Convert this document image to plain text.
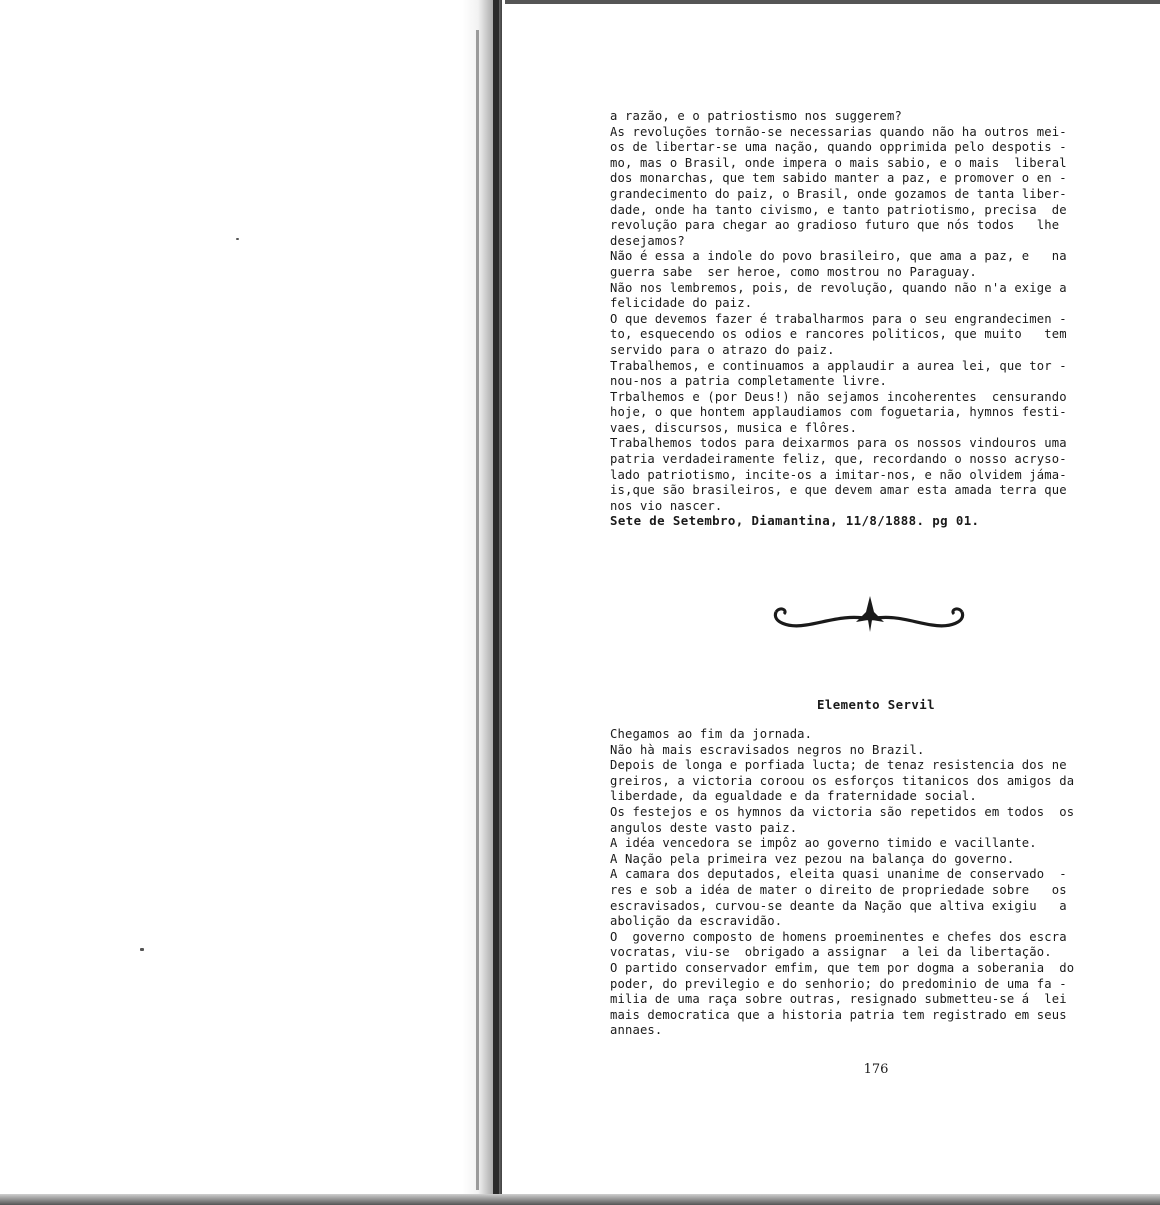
a razão, e o patriostismo nos suggerem?
As revoluções tornão-se necessarias quando não ha outros mei-
os de libertar-se uma nação, quando opprimida pelo despotis -
mo, mas o Brasil, onde impera o mais sabio, e o mais  liberal
dos monarchas, que tem sabido manter a paz, e promover o en -
grandecimento do paiz, o Brasil, onde gozamos de tanta liber-
dade, onde ha tanto civismo, e tanto patriotismo, precisa  de
revolução para chegar ao gradioso futuro que nós todos   lhe
desejamos?
Não é essa a indole do povo brasileiro, que ama a paz, e   na
guerra sabe  ser heroe, como mostrou no Paraguay.
Não nos lembremos, pois, de revolução, quando não n'a exige a
felicidade do paiz.
O que devemos fazer é trabalharmos para o seu engrandecimen -
to, esquecendo os odios e rancores politicos, que muito   tem
servido para o atrazo do paiz.
Trabalhemos, e continuamos a applaudir a aurea lei, que tor -
nou-nos a patria completamente livre.
Trbalhemos e (por Deus!) não sejamos incoherentes  censurando
hoje, o que hontem applaudiamos com foguetaria, hymnos festi-
vaes, discursos, musica e flôres.
Trabalhemos todos para deixarmos para os nossos vindouros uma
patria verdadeiramente feliz, que, recordando o nosso acryso-
lado patriotismo, incite-os a imitar-nos, e não olvidem jáma-
is,que são brasileiros, e que devem amar esta amada terra que
nos vio nascer.
Sete de Setembro, Diamantina, 11/8/1888. pg 01.
Elemento Servil
Chegamos ao fim da jornada.
Não hà mais escravisados negros no Brazil.
Depois de longa e porfiada lucta; de tenaz resistencia dos ne
greiros, a victoria coroou os esforços titanicos dos amigos da
liberdade, da egualdade e da fraternidade social.
Os festejos e os hymnos da victoria são repetidos em todos  os
angulos deste vasto paiz.
A idéa vencedora se impôz ao governo timido e vacillante.
A Nação pela primeira vez pezou na balança do governo.
A camara dos deputados, eleita quasi unanime de conservado  -
res e sob a idéa de mater o direito de propriedade sobre   os
escravisados, curvou-se deante da Nação que altiva exigiu   a
abolição da escravidão.
O  governo composto de homens proeminentes e chefes dos escra
vocratas, viu-se  obrigado a assignar  a lei da libertação.
O partido conservador emfim, que tem por dogma a soberania  do
poder, do previlegio e do senhorio; do predominio de uma fa -
milia de uma raça sobre outras, resignado submetteu-se á  lei
mais democratica que a historia patria tem registrado em seus
annaes.
176
